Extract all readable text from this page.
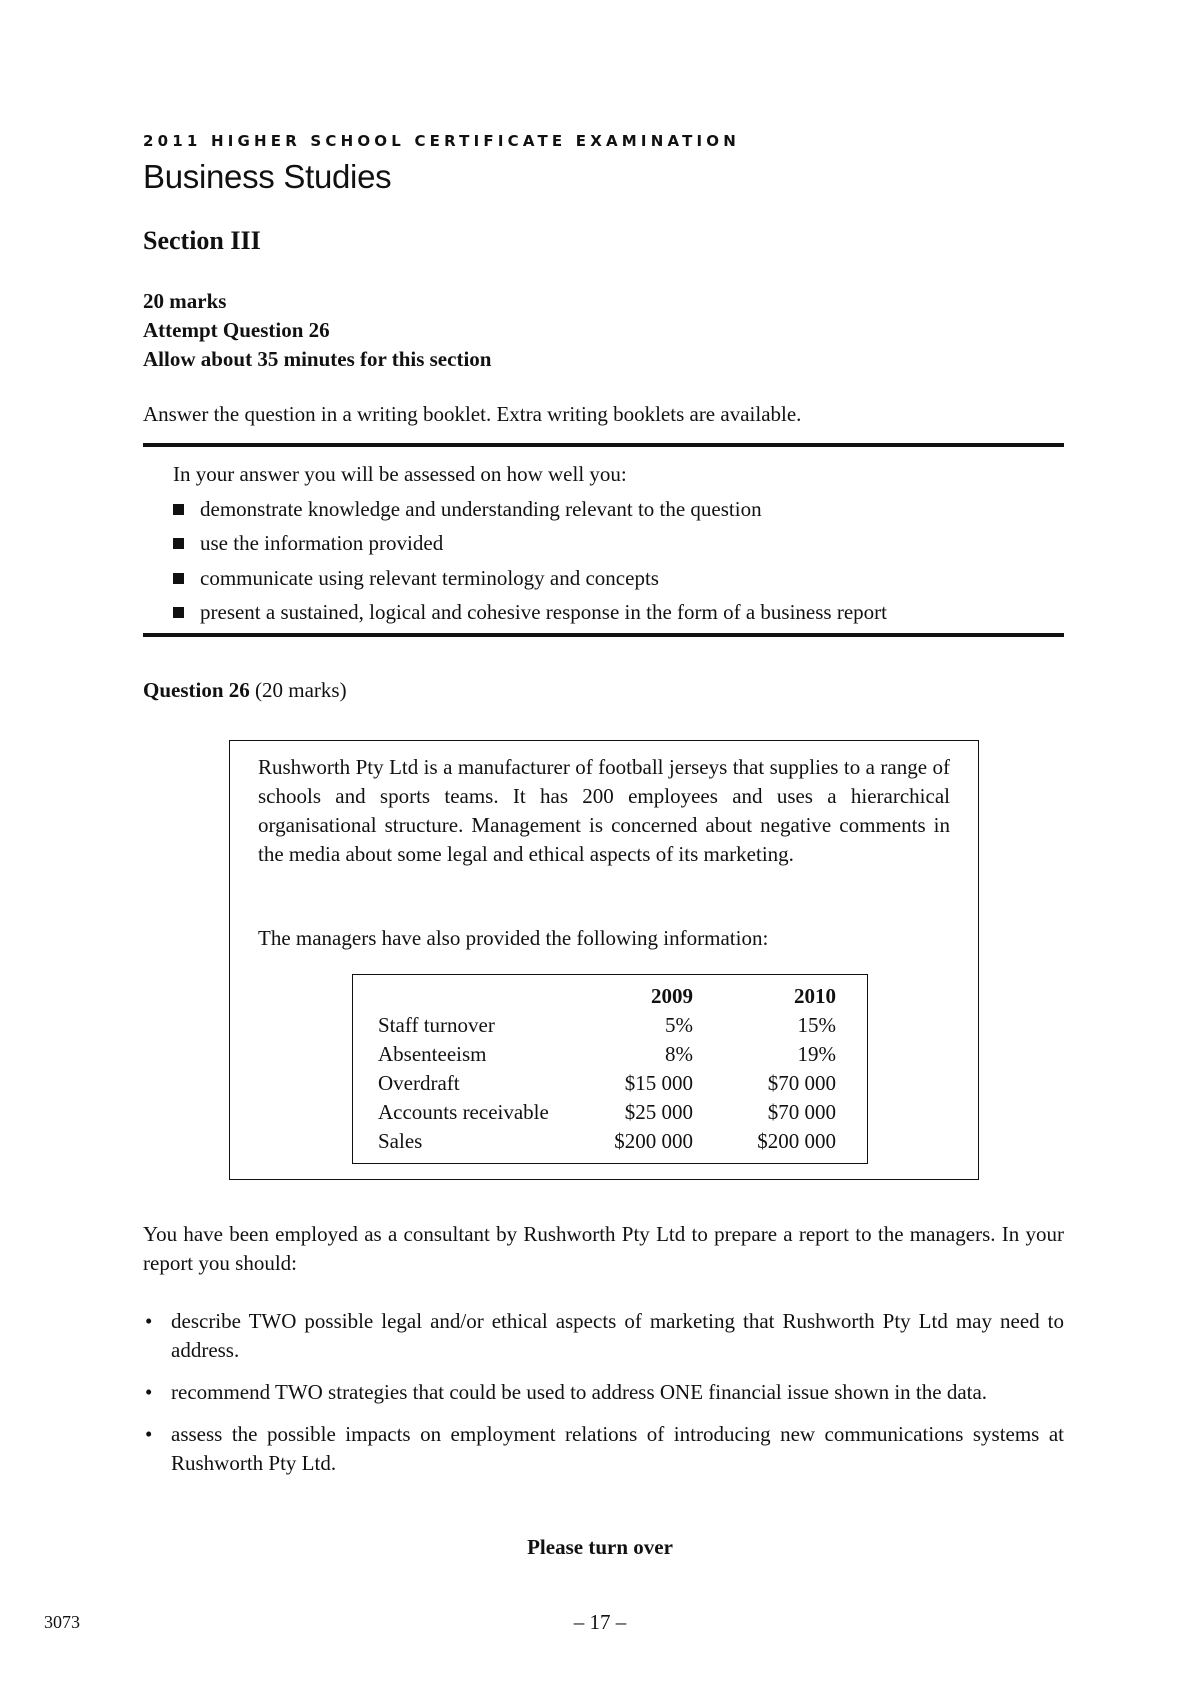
2011 HIGHER SCHOOL CERTIFICATE EXAMINATION
Business Studies
Section III
20 marks
Attempt Question 26
Allow about 35 minutes for this section
Answer the question in a writing booklet. Extra writing booklets are available.
In your answer you will be assessed on how well you:
demonstrate knowledge and understanding relevant to the question
use the information provided
communicate using relevant terminology and concepts
present a sustained, logical and cohesive response in the form of a business report
Question 26 (20 marks)
Rushworth Pty Ltd is a manufacturer of football jerseys that supplies to a range of schools and sports teams. It has 200 employees and uses a hierarchical organisational structure. Management is concerned about negative comments in the media about some legal and ethical aspects of its marketing.
The managers have also provided the following information:
	2009	2010
Staff turnover	5%	15%
Absenteeism	8%	19%
Overdraft	$15 000	$70 000
Accounts receivable	$25 000	$70 000
Sales	$200 000	$200 000
You have been employed as a consultant by Rushworth Pty Ltd to prepare a report to the managers. In your report you should:
• describe TWO possible legal and/or ethical aspects of marketing that Rushworth Pty Ltd may need to address.
• recommend TWO strategies that could be used to address ONE financial issue shown in the data.
• assess the possible impacts on employment relations of introducing new communications systems at Rushworth Pty Ltd.
Please turn over
3073	– 17 –
